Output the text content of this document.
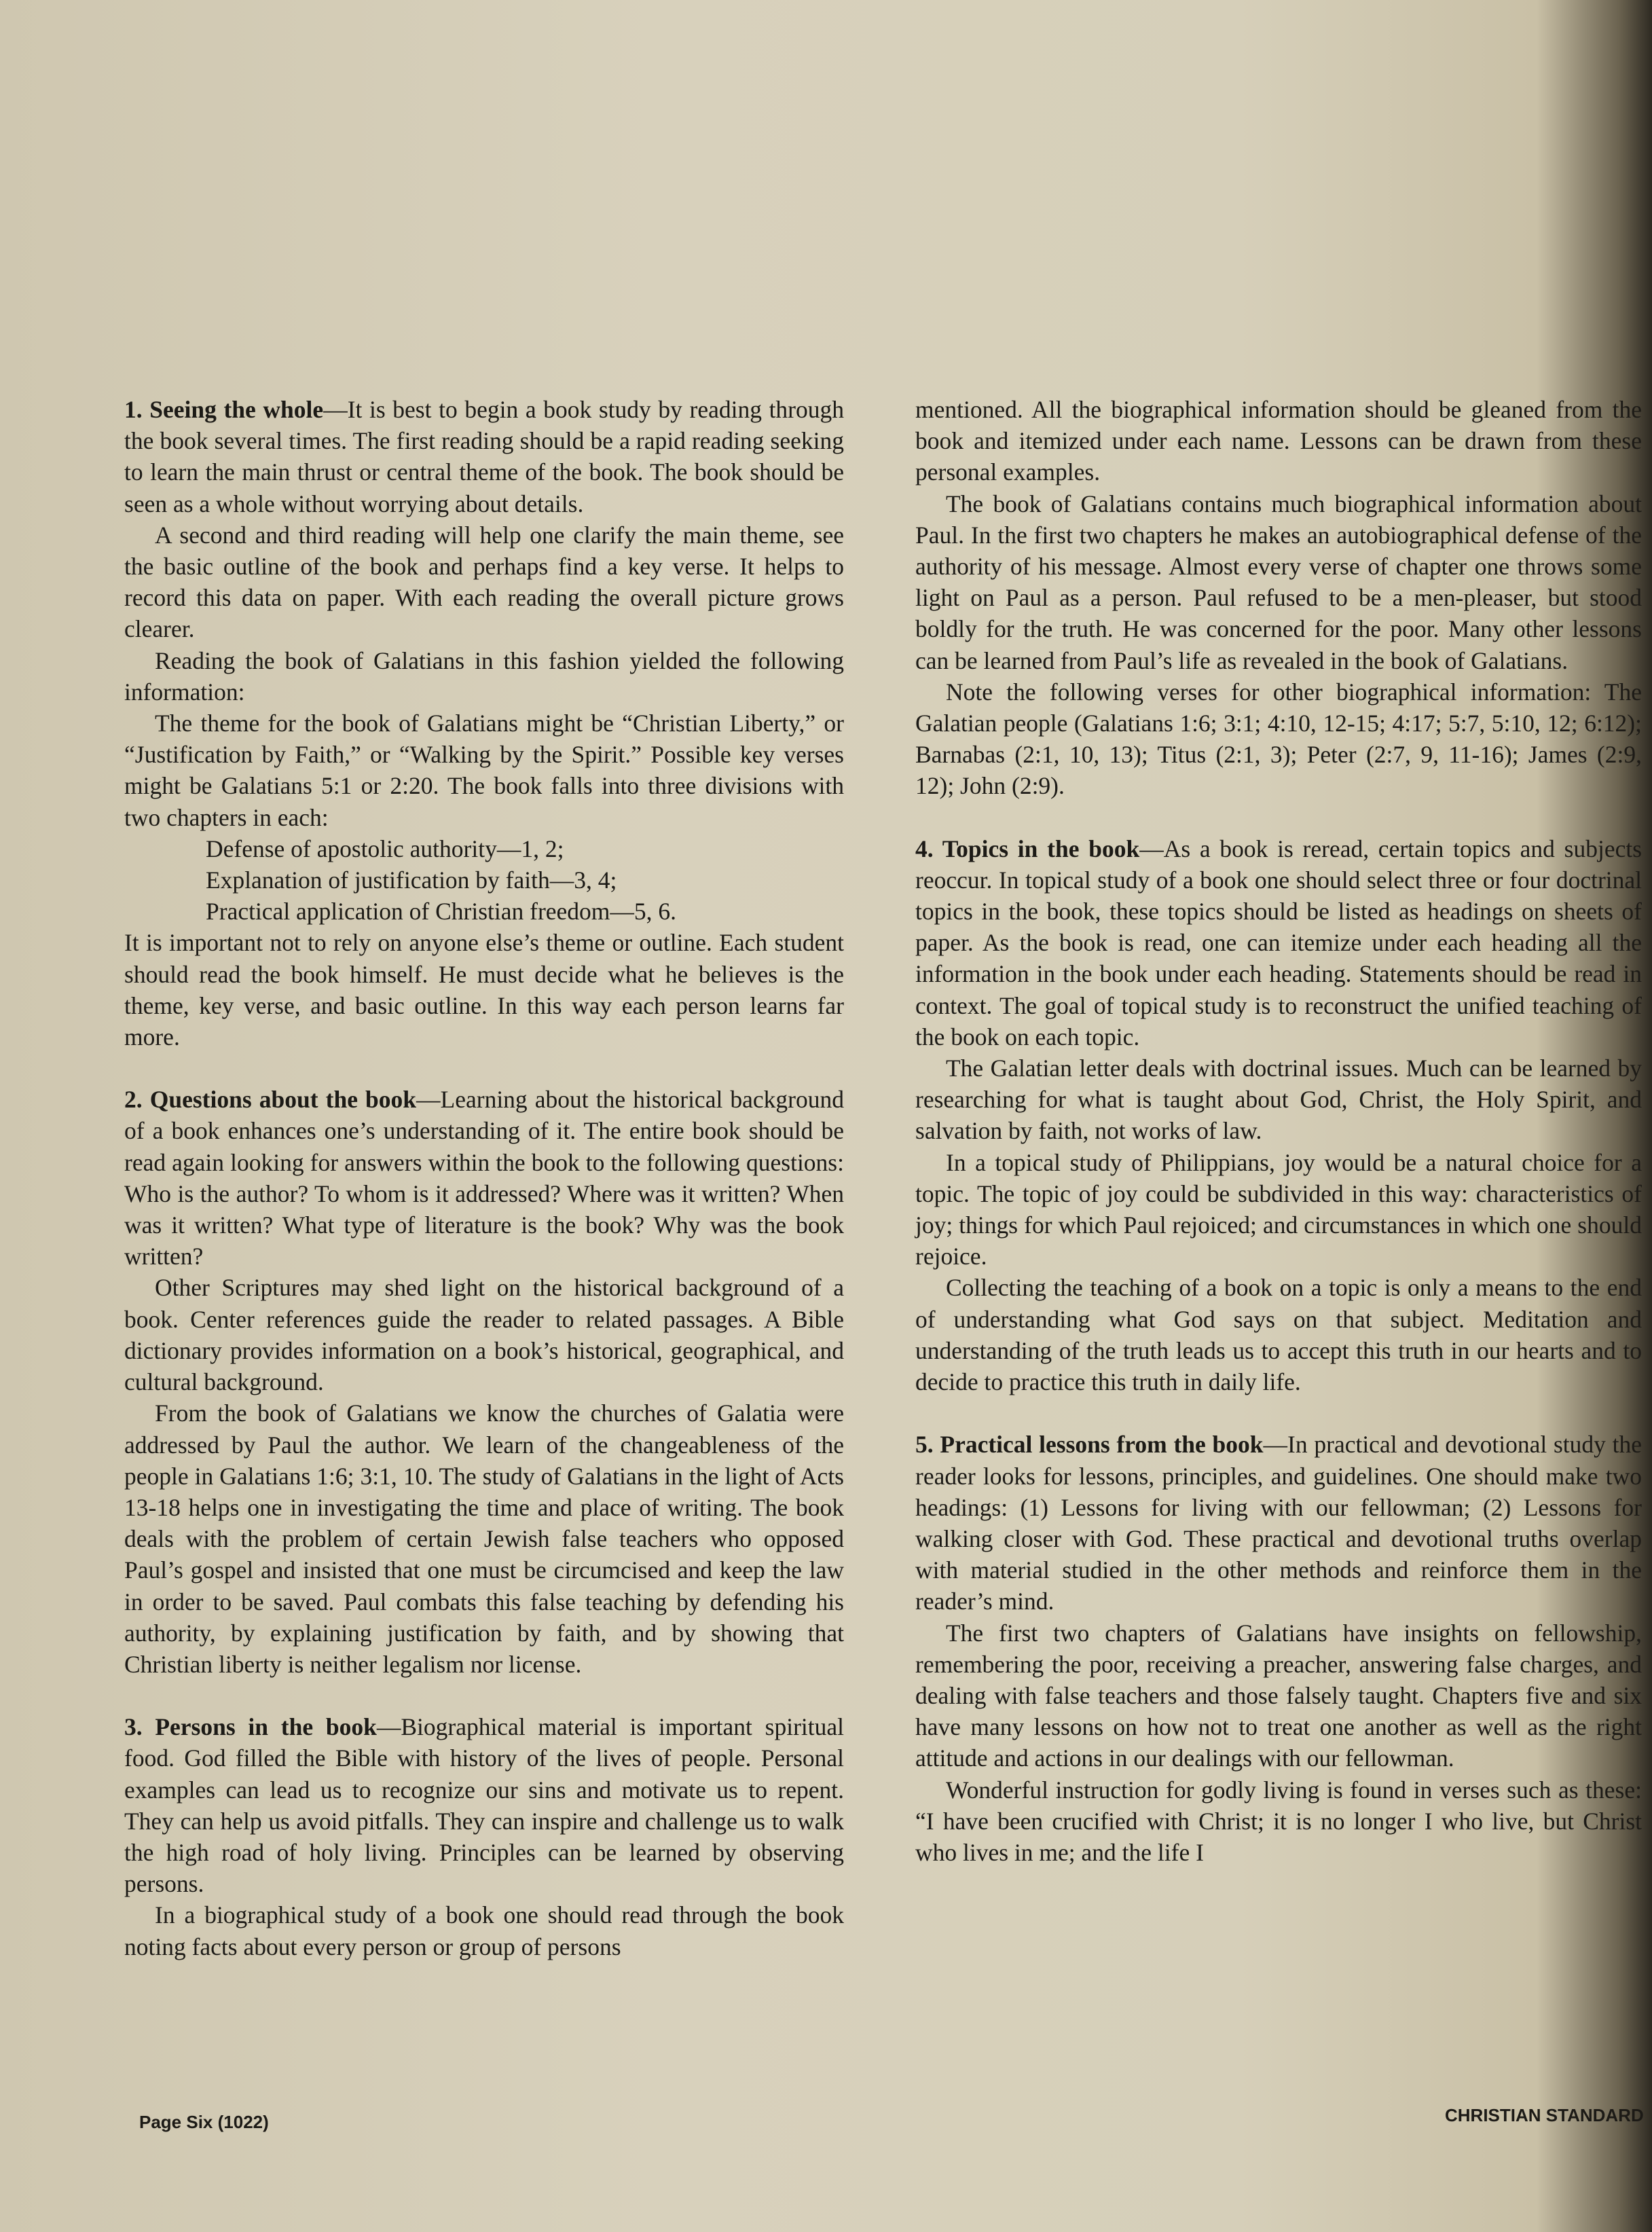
1. Seeing the whole—It is best to begin a book study by reading through the book several times. The first reading should be a rapid reading seeking to learn the main thrust or central theme of the book. The book should be seen as a whole without worrying about details.

A second and third reading will help one clarify the main theme, see the basic outline of the book and perhaps find a key verse. It helps to record this data on paper. With each reading the overall picture grows clearer.

Reading the book of Galatians in this fashion yielded the following information:

The theme for the book of Galatians might be “Christian Liberty,” or “Justification by Faith,” or “Walking by the Spirit.” Possible key verses might be Galatians 5:1 or 2:20. The book falls into three divisions with two chapters in each:

Defense of apostolic authority—1, 2;
Explanation of justification by faith—3, 4;
Practical application of Christian freedom—5, 6.

It is important not to rely on anyone else’s theme or outline. Each student should read the book himself. He must decide what he believes is the theme, key verse, and basic outline. In this way each person learns far more.

2. Questions about the book—Learning about the historical background of a book enhances one’s understanding of it. The entire book should be read again looking for answers within the book to the following questions: Who is the author? To whom is it addressed? Where was it written? When was it written? What type of literature is the book? Why was the book written?

Other Scriptures may shed light on the historical background of a book. Center references guide the reader to related passages. A Bible dictionary provides information on a book’s historical, geographical, and cultural background.

From the book of Galatians we know the churches of Galatia were addressed by Paul the author. We learn of the changeableness of the people in Galatians 1:6; 3:1, 10. The study of Galatians in the light of Acts 13-18 helps one in investigating the time and place of writing. The book deals with the problem of certain Jewish false teachers who opposed Paul’s gospel and insisted that one must be circumcised and keep the law in order to be saved. Paul combats this false teaching by defending his authority, by explaining justification by faith, and by showing that Christian liberty is neither legalism nor license.

3. Persons in the book—Biographical material is important spiritual food. God filled the Bible with history of the lives of people. Personal examples can lead us to recognize our sins and motivate us to repent. They can help us avoid pitfalls. They can inspire and challenge us to walk the high road of holy living. Principles can be learned by observing persons.

In a biographical study of a book one should read through the book noting facts about every person or group of persons

mentioned. All the biographical information should be gleaned from the book and itemized under each name. Lessons can be drawn from these personal examples.

The book of Galatians contains much biographical information about Paul. In the first two chapters he makes an autobiographical defense of the authority of his message. Almost every verse of chapter one throws some light on Paul as a person. Paul refused to be a men-pleaser, but stood boldly for the truth. He was concerned for the poor. Many other lessons can be learned from Paul’s life as revealed in the book of Galatians.

Note the following verses for other biographical information: The Galatian people (Galatians 1:6; 3:1; 4:10, 12-15; 4:17; 5:7, 5:10, 12; 6:12); Barnabas (2:1, 10, 13); Titus (2:1, 3); Peter (2:7, 9, 11-16); James (2:9, 12); John (2:9).

4. Topics in the book—As a book is reread, certain topics and subjects reoccur. In topical study of a book one should select three or four doctrinal topics in the book, these topics should be listed as headings on sheets of paper. As the book is read, one can itemize under each heading all the information in the book under each heading. Statements should be read in context. The goal of topical study is to reconstruct the unified teaching of the book on each topic.

The Galatian letter deals with doctrinal issues. Much can be learned by researching for what is taught about God, Christ, the Holy Spirit, and salvation by faith, not works of law.

In a topical study of Philippians, joy would be a natural choice for a topic. The topic of joy could be subdivided in this way: characteristics of joy; things for which Paul rejoiced; and circumstances in which one should rejoice.

Collecting the teaching of a book on a topic is only a means to the end of understanding what God says on that subject. Meditation and understanding of the truth leads us to accept this truth in our hearts and to decide to practice this truth in daily life.

5. Practical lessons from the book—In practical and devotional study the reader looks for lessons, principles, and guidelines. One should make two headings: (1) Lessons for living with our fellowman; (2) Lessons for walking closer with God. These practical and devotional truths overlap with material studied in the other methods and reinforce them in the reader’s mind.

The first two chapters of Galatians have insights on fellowship, remembering the poor, receiving a preacher, answering false charges, and dealing with false teachers and those falsely taught. Chapters five and six have many lessons on how not to treat one another as well as the right attitude and actions in our dealings with our fellowman.

Wonderful instruction for godly living is found in verses such as these: “I have been crucified with Christ; it is no longer I who live, but Christ who lives in me; and the life I

Page Six (1022)	CHRISTIAN STANDARD
